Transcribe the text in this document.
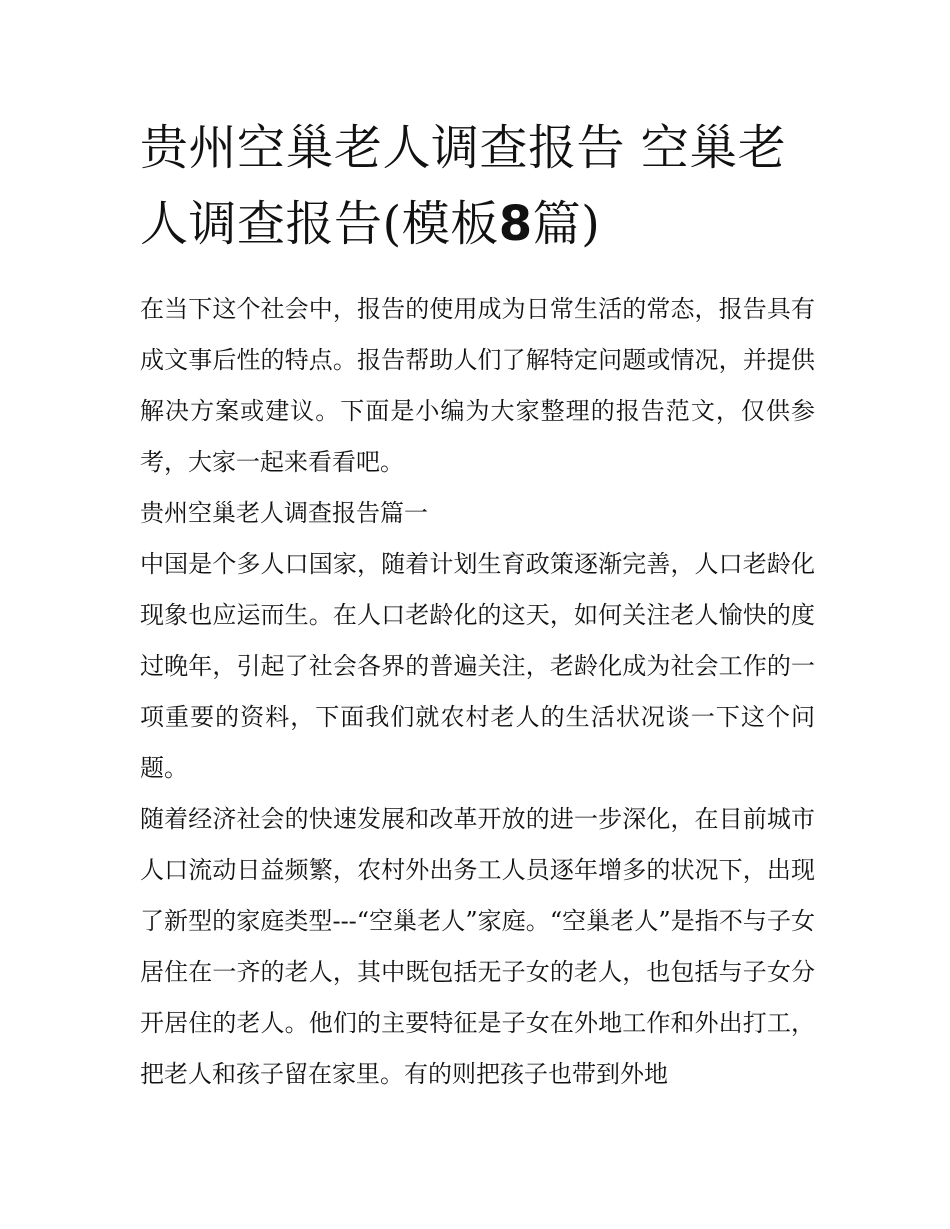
贵州空巢老人调查报告 空巢老人调查报告(模板8篇)

在当下这个社会中，报告的使用成为日常生活的常态，报告具有成文事后性的特点。报告帮助人们了解特定问题或情况，并提供解决方案或建议。下面是小编为大家整理的报告范文，仅供参考，大家一起来看看吧。

贵州空巢老人调查报告篇一

中国是个多人口国家，随着计划生育政策逐渐完善，人口老龄化现象也应运而生。在人口老龄化的这天，如何关注老人愉快的度过晚年，引起了社会各界的普遍关注，老龄化成为社会工作的一项重要的资料，下面我们就农村老人的生活状况谈一下这个问题。

随着经济社会的快速发展和改革开放的进一步深化，在目前城市人口流动日益频繁，农村外出务工人员逐年增多的状况下，出现了新型的家庭类型---“空巢老人”家庭。“空巢老人”是指不与子女居住在一齐的老人，其中既包括无子女的老人，也包括与子女分开居住的老人。他们的主要特征是子女在外地工作和外出打工，把老人和孩子留在家里。有的则把孩子也带到外地
